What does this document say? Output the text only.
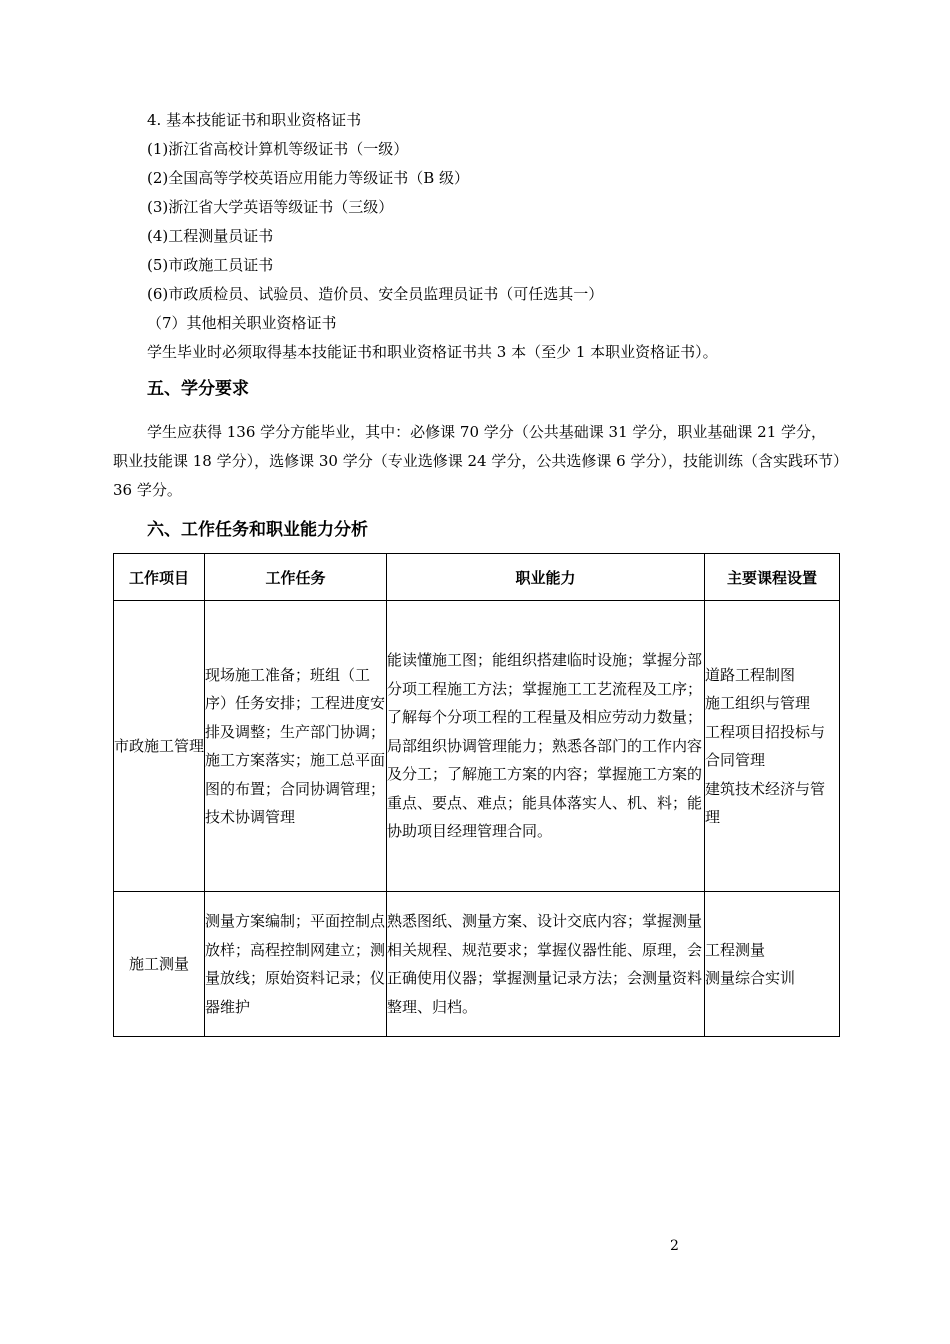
4. 基本技能证书和职业资格证书
(1)浙江省高校计算机等级证书（一级）
(2)全国高等学校英语应用能力等级证书（B 级）
(3)浙江省大学英语等级证书（三级）
(4)工程测量员证书
(5)市政施工员证书
(6)市政质检员、试验员、造价员、安全员监理员证书（可任选其一）
（7）其他相关职业资格证书
学生毕业时必须取得基本技能证书和职业资格证书共 3 本（至少 1 本职业资格证书）。
五、学分要求
学生应获得 136 学分方能毕业，其中：必修课 70 学分（公共基础课 31 学分，职业基础课 21 学分，职业技能课 18 学分），选修课 30 学分（专业选修课 24 学分，公共选修课 6 学分），技能训练（含实践环节）36 学分。
六、工作任务和职业能力分析
工作项目	工作任务	职业能力	主要课程设置
市政施工管理	现场施工准备；班组（工序）任务安排；工程进度安排及调整；生产部门协调；施工方案落实；施工总平面图的布置；合同协调管理；技术协调管理	能读懂施工图；能组织搭建临时设施；掌握分部分项工程施工方法；掌握施工工艺流程及工序；了解每个分项工程的工程量及相应劳动力数量；局部组织协调管理能力；熟悉各部门的工作内容及分工；了解施工方案的内容；掌握施工方案的重点、要点、难点；能具体落实人、机、料；能协助项目经理管理合同。	道路工程制图
施工组织与管理
工程项目招投标与合同管理
建筑技术经济与管理

施工测量	测量方案编制；平面控制点放样；高程控制网建立；测量放线；原始资料记录；仪器维护	熟悉图纸、测量方案、设计交底内容；掌握测量相关规程、规范要求；掌握仪器性能、原理，会正确使用仪器；掌握测量记录方法；会测量资料整理、归档。	工程测量
测量综合实训
2
